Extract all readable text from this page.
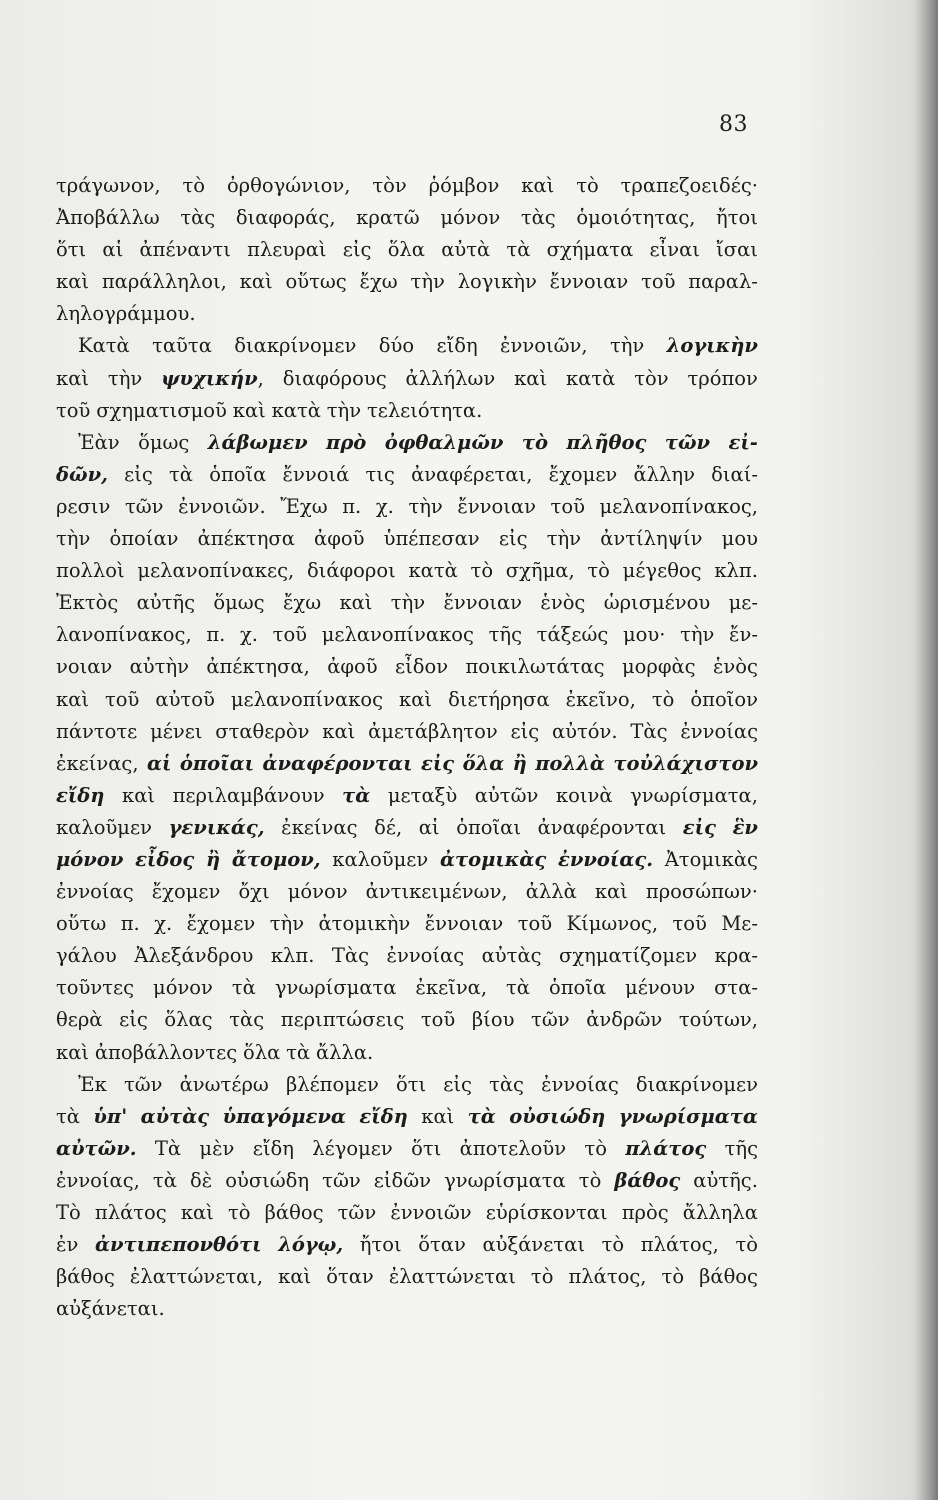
83
τράγωνον, τὸ ὀρθογώνιον, τὸν ῥόμβον καὶ τὸ τραπεζοειδές·
Ἀποβάλλω τὰς διαφοράς, κρατῶ μόνον τὰς ὁμοιότητας, ἤτοι
ὅτι αἱ ἀπέναντι πλευραὶ εἰς ὅλα αὐτὰ τὰ σχήματα εἶναι ἴσαι
καὶ παράλληλοι, καὶ οὕτως ἔχω τὴν λογικὴν ἔννοιαν τοῦ παραλ-
ληλογράμμου.
Κατὰ ταῦτα διακρίνομεν δύο εἴδη ἐννοιῶν, τὴν λογικὴν
καὶ τὴν ψυχικήν, διαφόρους ἀλλήλων καὶ κατὰ τὸν τρόπον
τοῦ σχηματισμοῦ καὶ κατὰ τὴν τελειότητα.
Ἐὰν ὅμως λάβωμεν πρὸ ὀφθαλμῶν τὸ πλῆθος τῶν εἰ-
δῶν, εἰς τὰ ὁποῖα ἔννοιά τις ἀναφέρεται, ἔχομεν ἄλλην διαί-
ρεσιν τῶν ἐννοιῶν. Ἔχω π. χ. τὴν ἔννοιαν τοῦ μελανοπίνακος,
τὴν ὁποίαν ἀπέκτησα ἀφοῦ ὑπέπεσαν εἰς τὴν ἀντίληψίν μου
πολλοὶ μελανοπίνακες, διάφοροι κατὰ τὸ σχῆμα, τὸ μέγεθος κλπ.
Ἐκτὸς αὐτῆς ὅμως ἔχω καὶ τὴν ἔννοιαν ἑνὸς ὡρισμένου με-
λανοπίνακος, π. χ. τοῦ μελανοπίνακος τῆς τάξεώς μου· τὴν ἔν-
νοιαν αὐτὴν ἀπέκτησα, ἀφοῦ εἶδον ποικιλωτάτας μορφὰς ἑνὸς
καὶ τοῦ αὐτοῦ μελανοπίνακος καὶ διετήρησα ἐκεῖνο, τὸ ὁποῖον
πάντοτε μένει σταθερὸν καὶ ἀμετάβλητον εἰς αὐτόν. Τὰς ἐννοίας
ἐκείνας, αἱ ὁποῖαι ἀναφέρονται εἰς ὅλα ἢ πολλὰ τοὐλάχιστον
εἴδη καὶ περιλαμβάνουν τὰ μεταξὺ αὐτῶν κοινὰ γνωρίσματα,
καλοῦμεν γενικάς, ἐκείνας δέ, αἱ ὁποῖαι ἀναφέρονται εἰς ἓν
μόνον εἶδος ἢ ἄτομον, καλοῦμεν ἀτομικὰς ἐννοίας. Ἀτομικὰς
ἐννοίας ἔχομεν ὄχι μόνον ἀντικειμένων, ἀλλὰ καὶ προσώπων·
οὕτω π. χ. ἔχομεν τὴν ἀτομικὴν ἔννοιαν τοῦ Κίμωνος, τοῦ Με-
γάλου Ἀλεξάνδρου κλπ. Τὰς ἐννοίας αὐτὰς σχηματίζομεν κρα-
τοῦντες μόνον τὰ γνωρίσματα ἐκεῖνα, τὰ ὁποῖα μένουν στα-
θερὰ εἰς ὅλας τὰς περιπτώσεις τοῦ βίου τῶν ἀνδρῶν τούτων,
καὶ ἀποβάλλοντες ὅλα τὰ ἄλλα.
Ἐκ τῶν ἀνωτέρω βλέπομεν ὅτι εἰς τὰς ἐννοίας διακρίνομεν
τὰ ὑπ' αὐτὰς ὑπαγόμενα εἴδη καὶ τὰ οὐσιώδη γνωρίσματα
αὐτῶν. Τὰ μὲν εἴδη λέγομεν ὅτι ἀποτελοῦν τὸ πλάτος τῆς
ἐννοίας, τὰ δὲ οὐσιώδη τῶν εἰδῶν γνωρίσματα τὸ βάθος αὐτῆς.
Τὸ πλάτος καὶ τὸ βάθος τῶν ἐννοιῶν εὑρίσκονται πρὸς ἄλληλα
ἐν ἀντιπεπονθότι λόγῳ, ἤτοι ὅταν αὐξάνεται τὸ πλάτος, τὸ
βάθος ἐλαττώνεται, καὶ ὅταν ἐλαττώνεται τὸ πλάτος, τὸ βάθος
αὐξάνεται.
